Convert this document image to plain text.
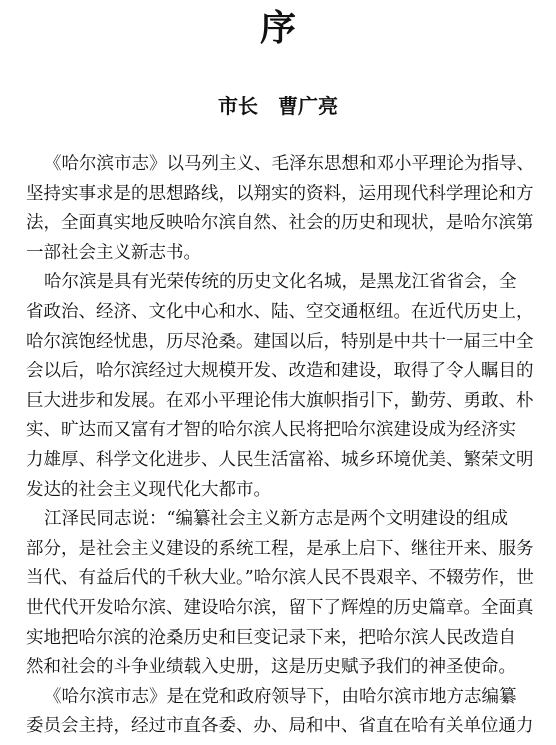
序
市长　曹广亮
《哈尔滨市志》以马列主义、毛泽东思想和邓小平理论为指导、
坚持实事求是的思想路线，以翔实的资料，运用现代科学理论和方
法，全面真实地反映哈尔滨自然、社会的历史和现状，是哈尔滨第
一部社会主义新志书。
哈尔滨是具有光荣传统的历史文化名城，是黑龙江省省会，全
省政治、经济、文化中心和水、陆、空交通枢纽。在近代历史上，
哈尔滨饱经忧患，历尽沧桑。建国以后，特别是中共十一届三中全
会以后，哈尔滨经过大规模开发、改造和建设，取得了令人瞩目的
巨大进步和发展。在邓小平理论伟大旗帜指引下，勤劳、勇敢、朴
实、旷达而又富有才智的哈尔滨人民将把哈尔滨建设成为经济实
力雄厚、科学文化进步、人民生活富裕、城乡环境优美、繁荣文明
发达的社会主义现代化大都市。
江泽民同志说：“编纂社会主义新方志是两个文明建设的组成
部分，是社会主义建设的系统工程，是承上启下、继往开来、服务
当代、有益后代的千秋大业。”哈尔滨人民不畏艰辛、不辍劳作，世
世代代开发哈尔滨、建设哈尔滨，留下了辉煌的历史篇章。全面真
实地把哈尔滨的沧桑历史和巨变记录下来，把哈尔滨人民改造自
然和社会的斗争业绩载入史册，这是历史赋予我们的神圣使命。
《哈尔滨市志》是在党和政府领导下，由哈尔滨市地方志编纂
委员会主持，经过市直各委、办、局和中、省直在哈有关单位通力
